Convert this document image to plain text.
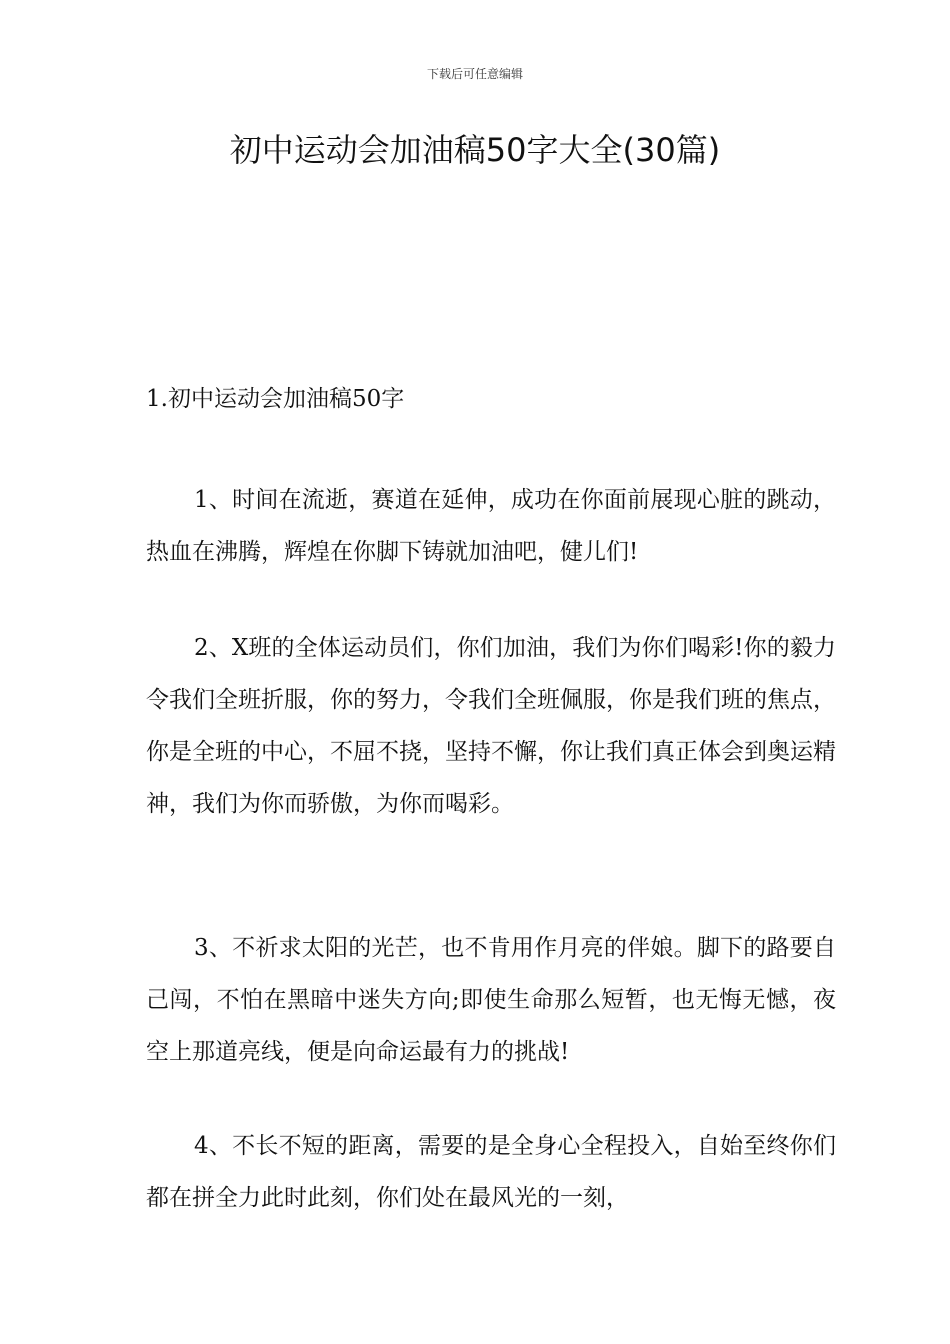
下载后可任意编辑
初中运动会加油稿50字大全(30篇)
1.初中运动会加油稿50字

1、时间在流逝，赛道在延伸，成功在你面前展现心脏的跳动，热血在沸腾，辉煌在你脚下铸就加油吧，健儿们!

2、X班的全体运动员们，你们加油，我们为你们喝彩!你的毅力令我们全班折服，你的努力，令我们全班佩服，你是我们班的焦点，你是全班的中心，不屈不挠，坚持不懈，你让我们真正体会到奥运精神，我们为你而骄傲，为你而喝彩。

3、不祈求太阳的光芒，也不肯用作月亮的伴娘。脚下的路要自己闯，不怕在黑暗中迷失方向;即使生命那么短暂，也无悔无憾，夜空上那道亮线，便是向命运最有力的挑战!

4、不长不短的距离，需要的是全身心全程投入，自始至终你们都在拼全力此时此刻，你们处在最风光的一刻，
